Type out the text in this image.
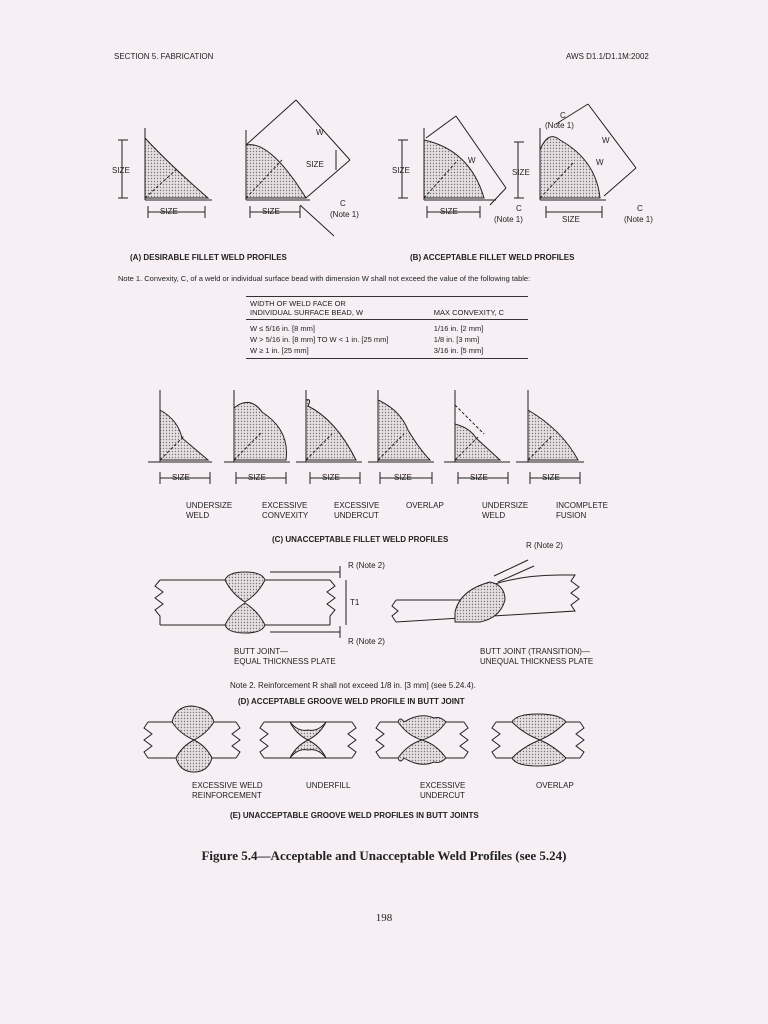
SECTION 5. FABRICATION	AWS D1.1/D1.1M:2002
SIZE
SIZE
SIZE
SIZE
W
C
(Note 1)
SIZE
SIZE
W
C
(Note 1)
SIZE
SIZE
C
(Note 1)
W
W
C
(Note 1)
(A) DESIRABLE FILLET WELD PROFILES	(B) ACCEPTABLE FILLET WELD PROFILES
Note 1. Convexity, C, of a weld or individual surface bead with dimension W shall not exceed the value of the following table:
WIDTH OF WELD FACE OR
INDIVIDUAL SURFACE BEAD, W	MAX CONVEXITY, C
W ≤ 5/16 in. [8 mm]	1/16 in. [2 mm]
W > 5/16 in. [8 mm] TO W < 1 in. [25 mm]	1/8 in. [3 mm]
W ≥ 1 in. [25 mm]	3/16 in. [5 mm]
SIZE	SIZE	SIZE	SIZE	SIZE	SIZE
UNDERSIZE
WELD
EXCESSIVE
CONVEXITY
EXCESSIVE
UNDERCUT
OVERLAP	UNDERSIZE
WELD
INCOMPLETE
FUSION
(C) UNACCEPTABLE FILLET WELD PROFILES
R (Note 2)
R (Note 2)
T1
R (Note 2)
BUTT JOINT—
EQUAL THICKNESS PLATE
BUTT JOINT (TRANSITION)—
UNEQUAL THICKNESS PLATE
Note 2. Reinforcement R shall not exceed 1/8 in. [3 mm] (see 5.24.4).
(D) ACCEPTABLE GROOVE WELD PROFILE IN BUTT JOINT
EXCESSIVE WELD
REINFORCEMENT
UNDERFILL	EXCESSIVE
UNDERCUT
OVERLAP

(E) UNACCEPTABLE GROOVE WELD PROFILES IN BUTT JOINTS
Figure 5.4—Acceptable and Unacceptable Weld Profiles (see 5.24)
198
